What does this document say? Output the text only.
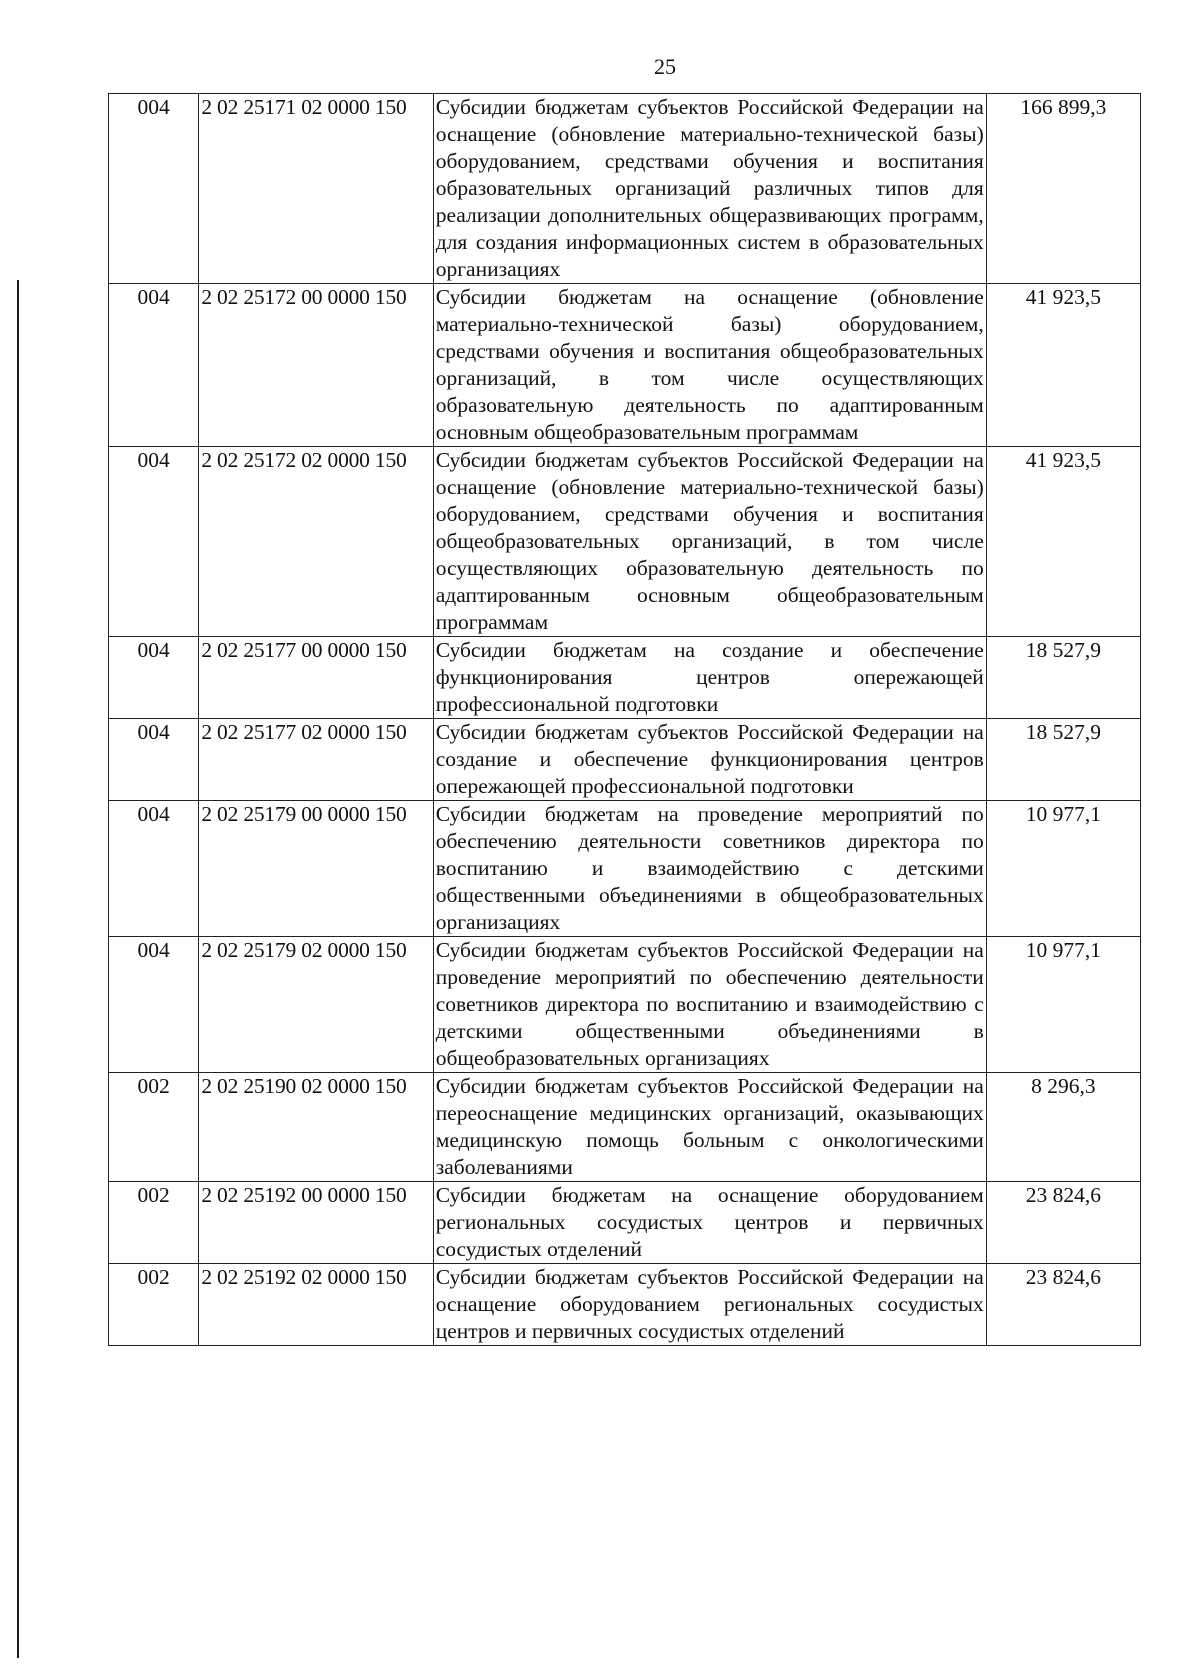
25
004	2 02 25171 02 0000 150	Субсидии бюджетам субъектов Российской Федерации на оснащение (обновление материально-технической базы) оборудованием, средствами обучения и воспитания образовательных организаций различных типов для реализации дополнительных общеразвивающих программ, для создания информационных систем в образовательных организациях	166 899,3
004	2 02 25172 00 0000 150	Субсидии бюджетам на оснащение (обновление материально-технической базы) оборудованием, средствами обучения и воспитания общеобразовательных организаций, в том числе осуществляющих образовательную деятельность по адаптированным основным общеобразовательным программам	41 923,5
004	2 02 25172 02 0000 150	Субсидии бюджетам субъектов Российской Федерации на оснащение (обновление материально-технической базы) оборудованием, средствами обучения и воспитания общеобразовательных организаций, в том числе осуществляющих образовательную деятельность по адаптированным основным общеобразовательным программам	41 923,5
004	2 02 25177 00 0000 150	Субсидии бюджетам на создание и обеспечение функционирования центров опережающей профессиональной подготовки	18 527,9
004	2 02 25177 02 0000 150	Субсидии бюджетам субъектов Российской Федерации на создание и обеспечение функционирования центров опережающей профессиональной подготовки	18 527,9
004	2 02 25179 00 0000 150	Субсидии бюджетам на проведение мероприятий по обеспечению деятельности советников директора по воспитанию и взаимодействию с детскими общественными объединениями в общеобразовательных организациях	10 977,1
004	2 02 25179 02 0000 150	Субсидии бюджетам субъектов Российской Федерации на проведение мероприятий по обеспечению деятельности советников директора по воспитанию и взаимодействию с детскими общественными объединениями в общеобразовательных организациях	10 977,1
002	2 02 25190 02 0000 150	Субсидии бюджетам субъектов Российской Федерации на переоснащение медицинских организаций, оказывающих медицинскую помощь больным с онкологическими заболеваниями	8 296,3
002	2 02 25192 00 0000 150	Субсидии бюджетам на оснащение оборудованием региональных сосудистых центров и первичных сосудистых отделений	23 824,6
002	2 02 25192 02 0000 150	Субсидии бюджетам субъектов Российской Федерации на оснащение оборудованием региональных сосудистых центров и первичных сосудистых отделений	23 824,6
